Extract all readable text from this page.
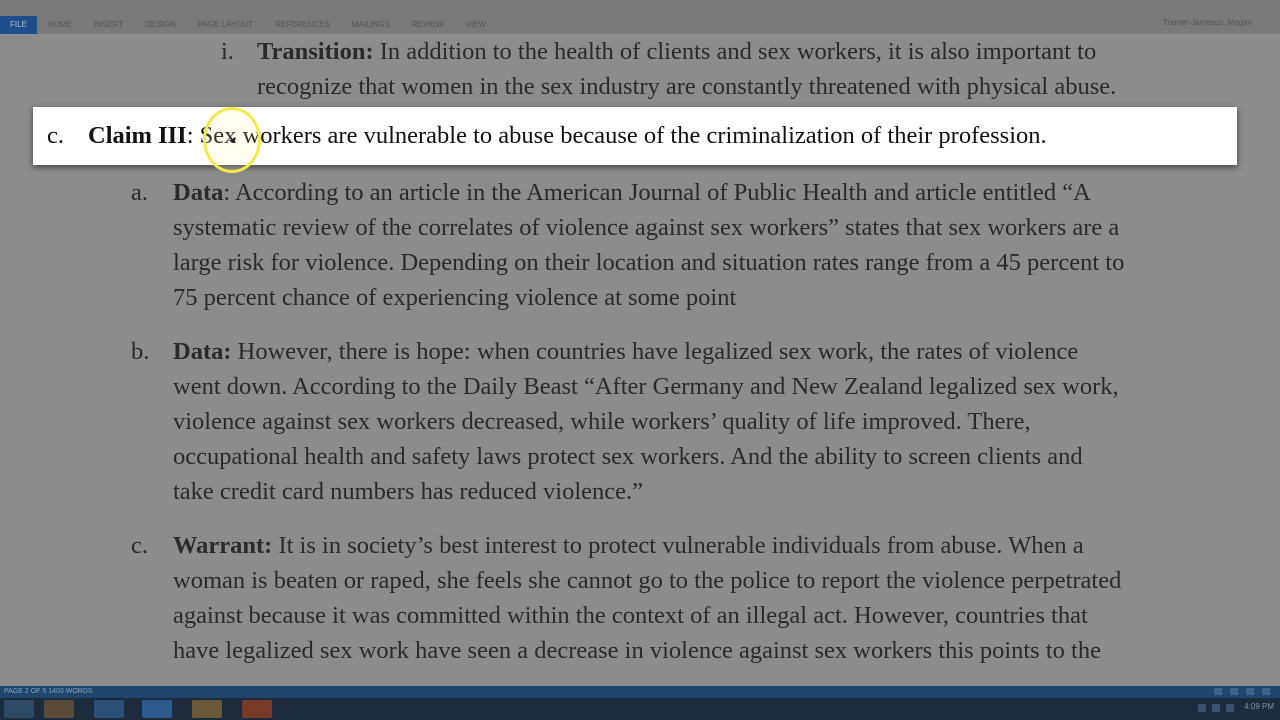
FILE	HOME	INSERT	DESIGN	PAGE LAYOUT	REFERENCES	MAILINGS	REVIEW	VIEW	Tramer-Jamesco, Megan
i. Transition: In addition to the health of clients and sex workers, it is also important to
recognize that women in the sex industry are constantly threatened with physical abuse.
a. Data: According to an article in the American Journal of Public Health and article entitled “A
systematic review of the correlates of violence against sex workers” states that sex workers are a
large risk for violence. Depending on their location and situation rates range from a 45 percent to
75 percent chance of experiencing violence at some point
b. Data: However, there is hope: when countries have legalized sex work, the rates of violence
went down. According to the Daily Beast “After Germany and New Zealand legalized sex work,
violence against sex workers decreased, while workers’ quality of life improved. There,
occupational health and safety laws protect sex workers. And the ability to screen clients and
take credit card numbers has reduced violence.”
c. Warrant: It is in society’s best interest to protect vulnerable individuals from abuse. When a
woman is beaten or raped, she feels she cannot go to the police to report the violence perpetrated
against because it was committed within the context of an illegal act. However, countries that
have legalized sex work have seen a decrease in violence against sex workers this points to the
c. Claim III: Sex workers are vulnerable to abuse because of the criminalization of their profession.
PAGE 2 OF 5 1403 WORDS
4:09 PM
